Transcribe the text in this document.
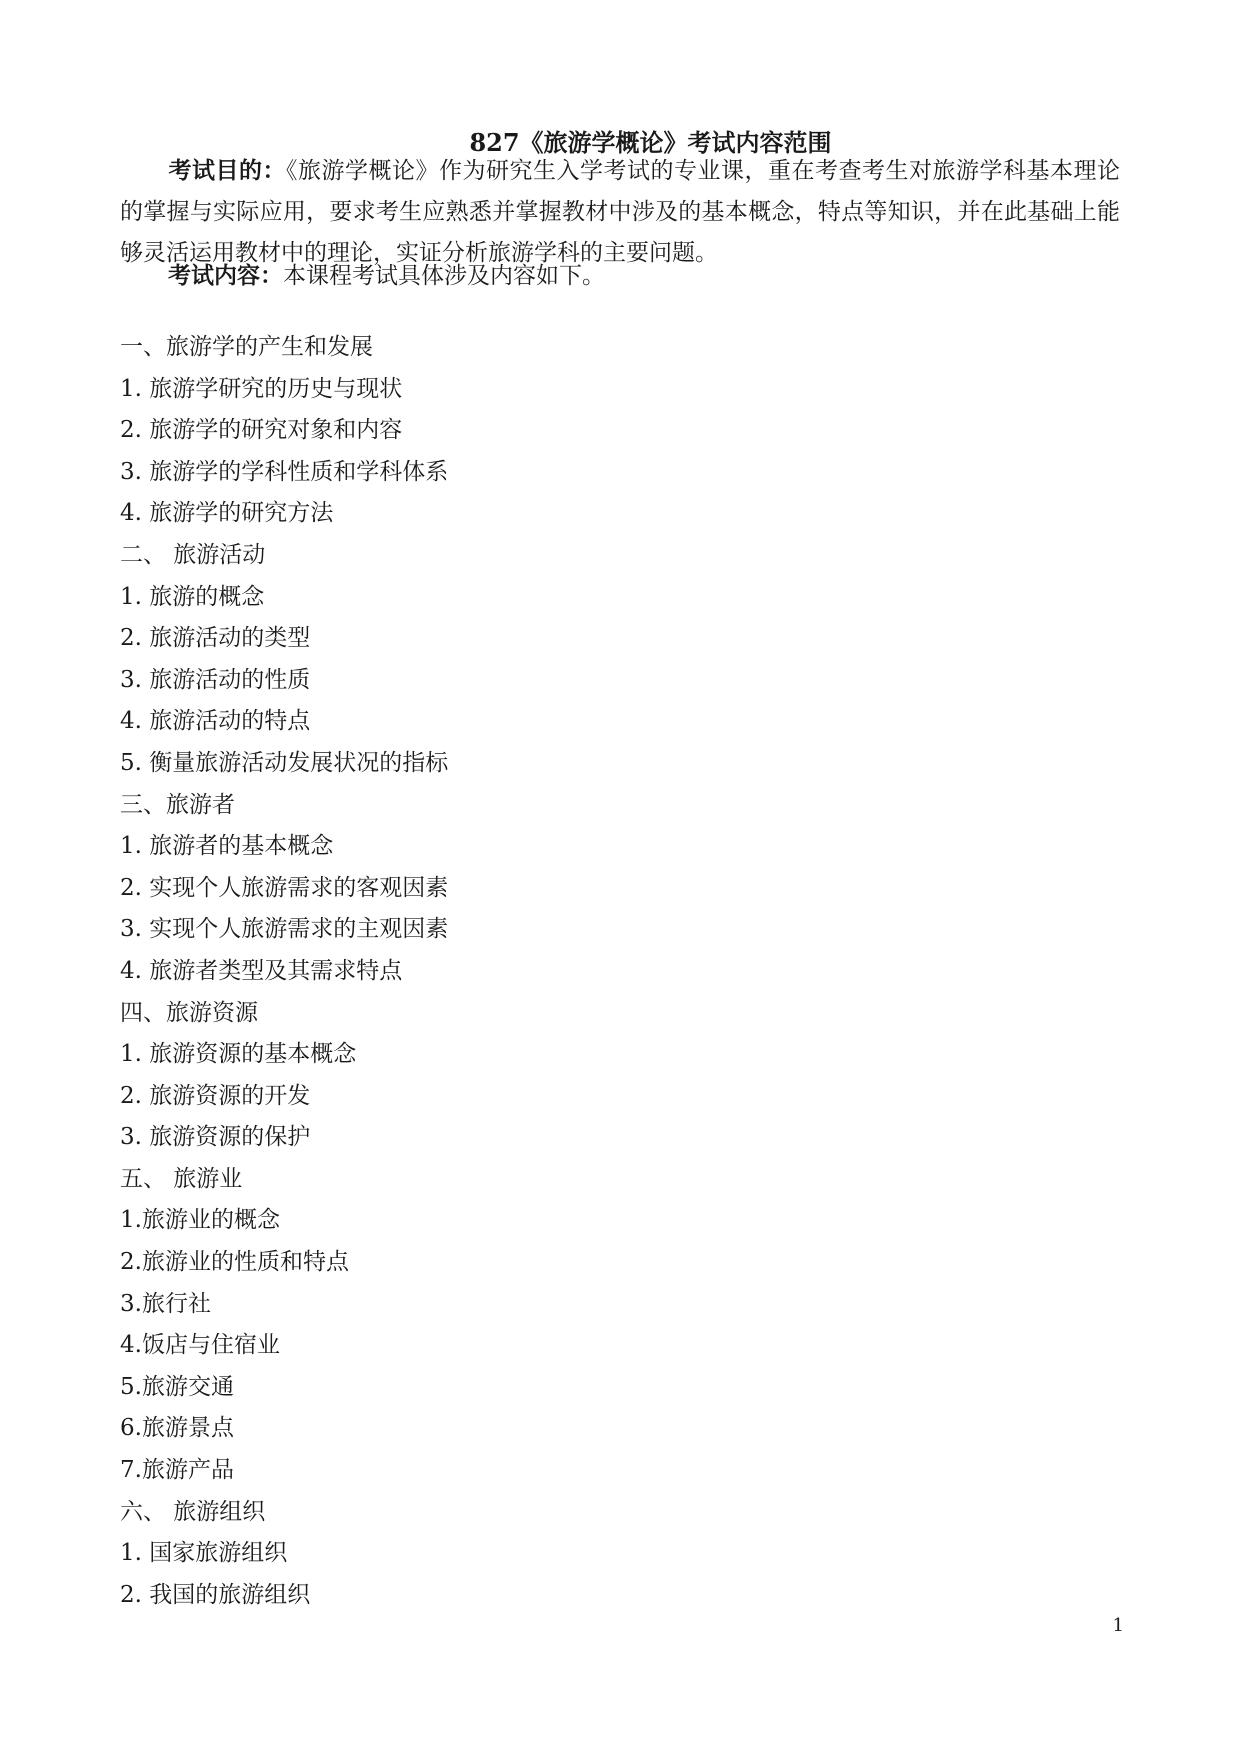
827《旅游学概论》考试内容范围

考试目的：《旅游学概论》作为研究生入学考试的专业课，重在考查考生对旅游学科基本理论的掌握与实际应用，要求考生应熟悉并掌握教材中涉及的基本概念，特点等知识，并在此基础上能够灵活运用教材中的理论，实证分析旅游学科的主要问题。

考试内容：本课程考试具体涉及内容如下。

一、旅游学的产生和发展
1. 旅游学研究的历史与现状
2. 旅游学的研究对象和内容
3. 旅游学的学科性质和学科体系
4. 旅游学的研究方法
二、 旅游活动
1. 旅游的概念
2. 旅游活动的类型
3. 旅游活动的性质
4. 旅游活动的特点
5. 衡量旅游活动发展状况的指标
三、旅游者
1. 旅游者的基本概念
2. 实现个人旅游需求的客观因素
3. 实现个人旅游需求的主观因素
4. 旅游者类型及其需求特点
四、旅游资源
1. 旅游资源的基本概念
2. 旅游资源的开发
3. 旅游资源的保护
五、 旅游业
1.旅游业的概念
2.旅游业的性质和特点
3.旅行社
4.饭店与住宿业
5.旅游交通
6.旅游景点
7.旅游产品
六、 旅游组织
1. 国家旅游组织
2. 我国的旅游组织
1
